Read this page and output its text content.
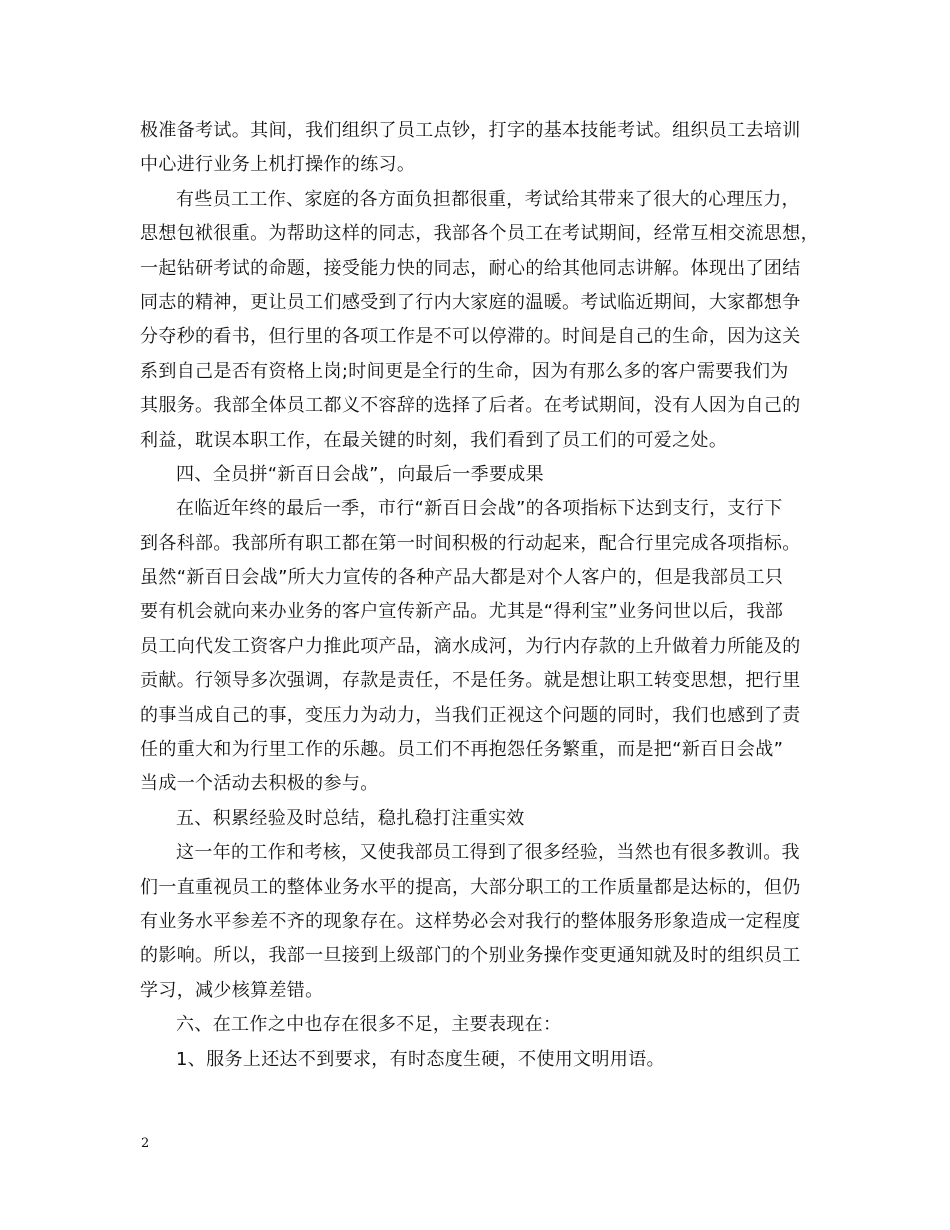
极准备考试。其间，我们组织了员工点钞，打字的基本技能考试。组织员工去培训
中心进行业务上机打操作的练习。
有些员工工作、家庭的各方面负担都很重，考试给其带来了很大的心理压力，
思想包袱很重。为帮助这样的同志，我部各个员工在考试期间，经常互相交流思想，
一起钻研考试的命题，接受能力快的同志，耐心的给其他同志讲解。体现出了团结
同志的精神，更让员工们感受到了行内大家庭的温暖。考试临近期间，大家都想争
分夺秒的看书，但行里的各项工作是不可以停滞的。时间是自己的生命，因为这关
系到自己是否有资格上岗;时间更是全行的生命，因为有那么多的客户需要我们为
其服务。我部全体员工都义不容辞的选择了后者。在考试期间，没有人因为自己的
利益，耽误本职工作，在最关键的时刻，我们看到了员工们的可爱之处。
四、全员拼“新百日会战”，向最后一季要成果
在临近年终的最后一季，市行“新百日会战”的各项指标下达到支行，支行下
到各科部。我部所有职工都在第一时间积极的行动起来，配合行里完成各项指标。
虽然“新百日会战”所大力宣传的各种产品大都是对个人客户的，但是我部员工只
要有机会就向来办业务的客户宣传新产品。尤其是“得利宝”业务问世以后，我部
员工向代发工资客户力推此项产品，滴水成河，为行内存款的上升做着力所能及的
贡献。行领导多次强调，存款是责任，不是任务。就是想让职工转变思想，把行里
的事当成自己的事，变压力为动力，当我们正视这个问题的同时，我们也感到了责
任的重大和为行里工作的乐趣。员工们不再抱怨任务繁重，而是把“新百日会战”
当成一个活动去积极的参与。
五、积累经验及时总结，稳扎稳打注重实效
这一年的工作和考核，又使我部员工得到了很多经验，当然也有很多教训。我
们一直重视员工的整体业务水平的提高，大部分职工的工作质量都是达标的，但仍
有业务水平参差不齐的现象存在。这样势必会对我行的整体服务形象造成一定程度
的影响。所以，我部一旦接到上级部门的个别业务操作变更通知就及时的组织员工
学习，减少核算差错。
六、在工作之中也存在很多不足，主要表现在：
1、服务上还达不到要求，有时态度生硬，不使用文明用语。
2
